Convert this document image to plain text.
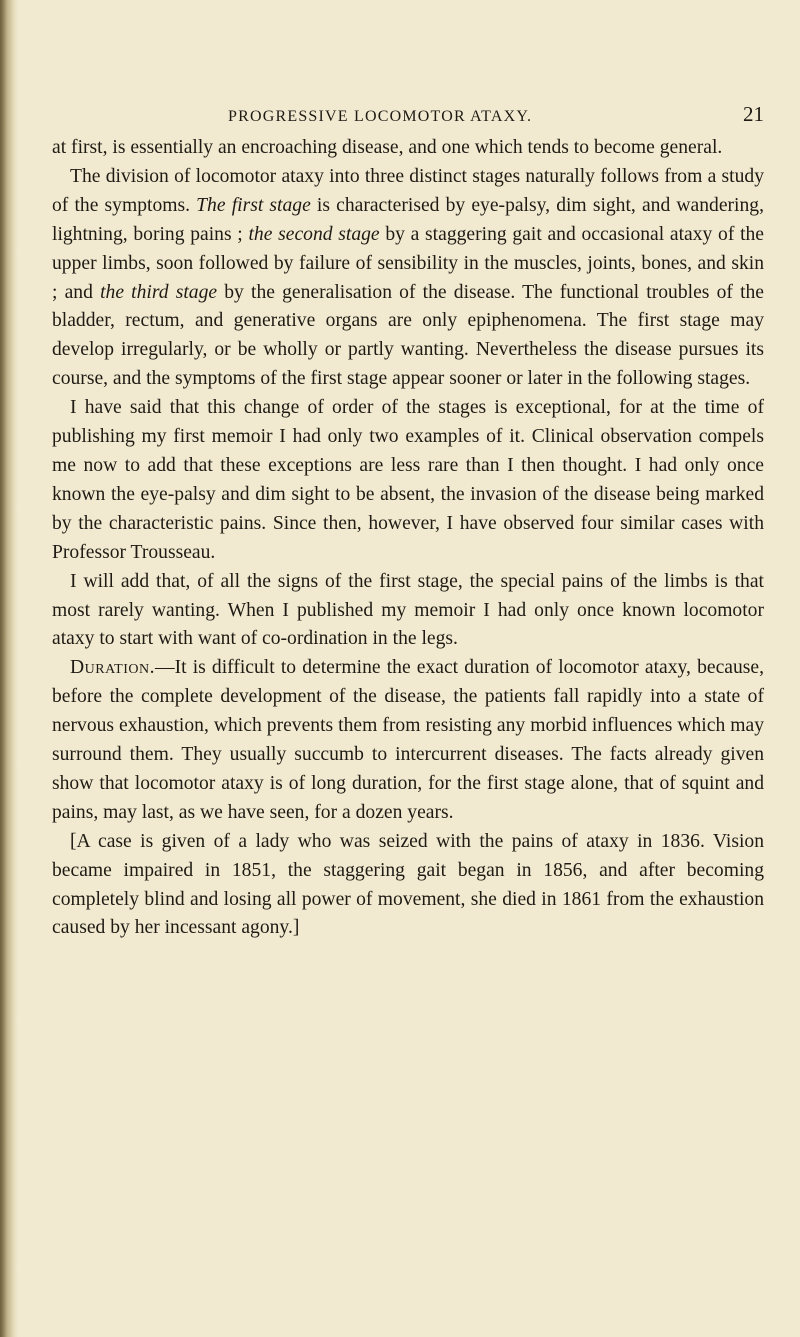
PROGRESSIVE LOCOMOTOR ATAXY.	21

at first, is essentially an encroaching disease, and one which tends to become general.

The division of locomotor ataxy into three distinct stages naturally follows from a study of the symptoms. The first stage is characterised by eye-palsy, dim sight, and wandering, lightning, boring pains ; the second stage by a staggering gait and occasional ataxy of the upper limbs, soon followed by failure of sensibility in the muscles, joints, bones, and skin ; and the third stage by the generalisation of the disease. The functional troubles of the bladder, rectum, and generative organs are only epiphenomena. The first stage may develop irregularly, or be wholly or partly wanting. Nevertheless the disease pursues its course, and the symptoms of the first stage appear sooner or later in the following stages.

I have said that this change of order of the stages is exceptional, for at the time of publishing my first memoir I had only two examples of it. Clinical observation compels me now to add that these exceptions are less rare than I then thought. I had only once known the eye-palsy and dim sight to be absent, the invasion of the disease being marked by the characteristic pains. Since then, however, I have observed four similar cases with Professor Trousseau.

I will add that, of all the signs of the first stage, the special pains of the limbs is that most rarely wanting. When I published my memoir I had only once known locomotor ataxy to start with want of co-ordination in the legs.

Duration.—It is difficult to determine the exact duration of locomotor ataxy, because, before the complete development of the disease, the patients fall rapidly into a state of nervous exhaustion, which prevents them from resisting any morbid influences which may surround them. They usually succumb to intercurrent diseases. The facts already given show that locomotor ataxy is of long duration, for the first stage alone, that of squint and pains, may last, as we have seen, for a dozen years.

[A case is given of a lady who was seized with the pains of ataxy in 1836. Vision became impaired in 1851, the staggering gait began in 1856, and after becoming completely blind and losing all power of movement, she died in 1861 from the exhaustion caused by her incessant agony.]
